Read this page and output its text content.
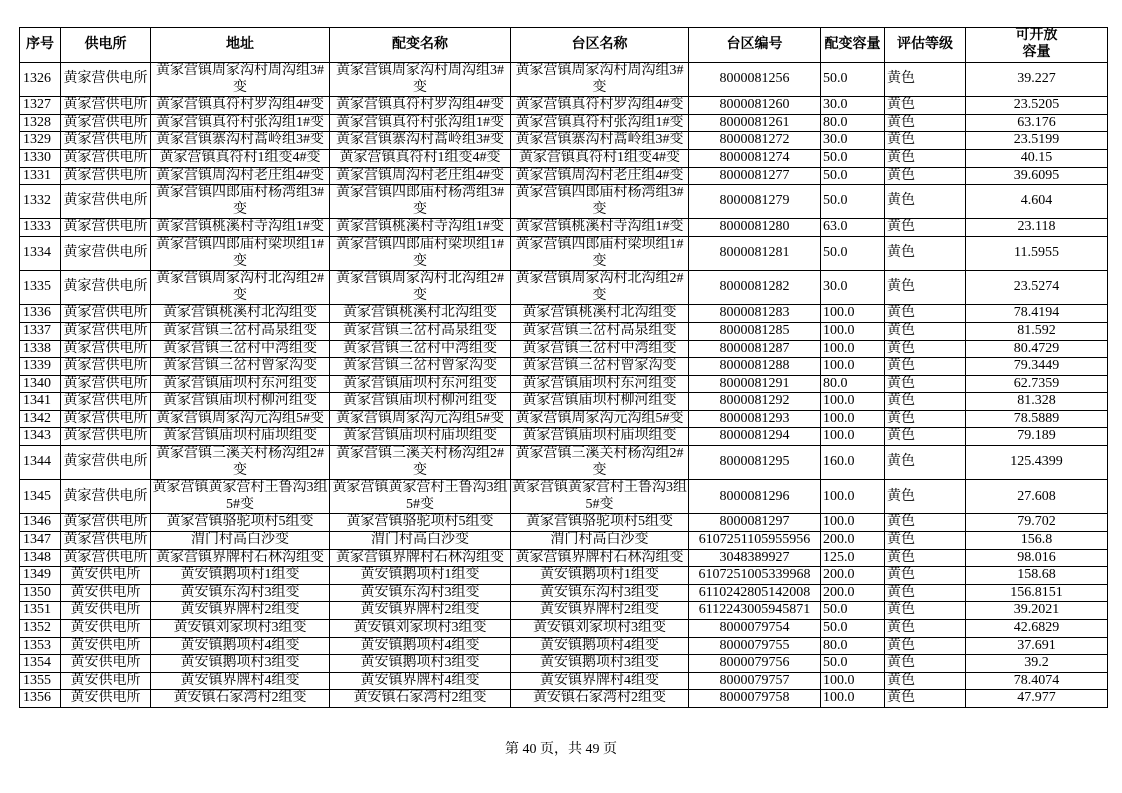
序号	供电所	地址	配变名称	台区名称	台区编号	配变容量	评估等级	可开放
容量
1326	黄家营供电所	黄家营镇周家沟村周沟组3#变	黄家营镇周家沟村周沟组3#变	黄家营镇周家沟村周沟组3#变	8000081256	50.0	黄色	39.227
1327	黄家营供电所	黄家营镇真符村罗沟组4#变	黄家营镇真符村罗沟组4#变	黄家营镇真符村罗沟组4#变	8000081260	30.0	黄色	23.5205
1328	黄家营供电所	黄家营镇真符村张沟组1#变	黄家营镇真符村张沟组1#变	黄家营镇真符村张沟组1#变	8000081261	80.0	黄色	63.176
1329	黄家营供电所	黄家营镇寨沟村蒿岭组3#变	黄家营镇寨沟村蒿岭组3#变	黄家营镇寨沟村蒿岭组3#变	8000081272	30.0	黄色	23.5199
1330	黄家营供电所	黄家营镇真符村1组变4#变	黄家营镇真符村1组变4#变	黄家营镇真符村1组变4#变	8000081274	50.0	黄色	40.15
1331	黄家营供电所	黄家营镇周沟村老庄组4#变	黄家营镇周沟村老庄组4#变	黄家营镇周沟村老庄组4#变	8000081277	50.0	黄色	39.6095
1332	黄家营供电所	黄家营镇四郎庙村杨湾组3#变	黄家营镇四郎庙村杨湾组3#变	黄家营镇四郎庙村杨湾组3#变	8000081279	50.0	黄色	4.604
1333	黄家营供电所	黄家营镇桃溪村寺沟组1#变	黄家营镇桃溪村寺沟组1#变	黄家营镇桃溪村寺沟组1#变	8000081280	63.0	黄色	23.118
1334	黄家营供电所	黄家营镇四郎庙村梁坝组1#变	黄家营镇四郎庙村梁坝组1#变	黄家营镇四郎庙村梁坝组1#变	8000081281	50.0	黄色	11.5955
1335	黄家营供电所	黄家营镇周家沟村北沟组2#变	黄家营镇周家沟村北沟组2#变	黄家营镇周家沟村北沟组2#变	8000081282	30.0	黄色	23.5274
1336	黄家营供电所	黄家营镇桃溪村北沟组变	黄家营镇桃溪村北沟组变	黄家营镇桃溪村北沟组变	8000081283	100.0	黄色	78.4194
1337	黄家营供电所	黄家营镇三岔村高泉组变	黄家营镇三岔村高泉组变	黄家营镇三岔村高泉组变	8000081285	100.0	黄色	81.592
1338	黄家营供电所	黄家营镇三岔村中湾组变	黄家营镇三岔村中湾组变	黄家营镇三岔村中湾组变	8000081287	100.0	黄色	80.4729
1339	黄家营供电所	黄家营镇三岔村曾家沟变	黄家营镇三岔村曾家沟变	黄家营镇三岔村曾家沟变	8000081288	100.0	黄色	79.3449
1340	黄家营供电所	黄家营镇庙坝村东河组变	黄家营镇庙坝村东河组变	黄家营镇庙坝村东河组变	8000081291	80.0	黄色	62.7359
1341	黄家营供电所	黄家营镇庙坝村柳河组变	黄家营镇庙坝村柳河组变	黄家营镇庙坝村柳河组变	8000081292	100.0	黄色	81.328
1342	黄家营供电所	黄家营镇周家沟元沟组5#变	黄家营镇周家沟元沟组5#变	黄家营镇周家沟元沟组5#变	8000081293	100.0	黄色	78.5889
1343	黄家营供电所	黄家营镇庙坝村庙坝组变	黄家营镇庙坝村庙坝组变	黄家营镇庙坝村庙坝组变	8000081294	100.0	黄色	79.189
1344	黄家营供电所	黄家营镇三溪关村杨沟组2#变	黄家营镇三溪关村杨沟组2#变	黄家营镇三溪关村杨沟组2#变	8000081295	160.0	黄色	125.4399
1345	黄家营供电所	黄家营镇黄家营村王鲁沟3组5#变	黄家营镇黄家营村王鲁沟3组5#变	黄家营镇黄家营村王鲁沟3组5#变	8000081296	100.0	黄色	27.608
1346	黄家营供电所	黄家营镇骆驼项村5组变	黄家营镇骆驼项村5组变	黄家营镇骆驼项村5组变	8000081297	100.0	黄色	79.702
1347	黄家营供电所	渭门村高白沙变	渭门村高白沙变	渭门村高白沙变	6107251105955956	200.0	黄色	156.8
1348	黄家营供电所	黄家营镇界牌村石林沟组变	黄家营镇界牌村石林沟组变	黄家营镇界牌村石林沟组变	3048389927	125.0	黄色	98.016
1349	黄安供电所	黄安镇鹅项村1组变	黄安镇鹅项村1组变	黄安镇鹅项村1组变	6107251005339968	200.0	黄色	158.68
1350	黄安供电所	黄安镇东沟村3组变	黄安镇东沟村3组变	黄安镇东沟村3组变	6110242805142008	200.0	黄色	156.8151
1351	黄安供电所	黄安镇界牌村2组变	黄安镇界牌村2组变	黄安镇界牌村2组变	6112243005945871	50.0	黄色	39.2021
1352	黄安供电所	黄安镇刘家坝村3组变	黄安镇刘家坝村3组变	黄安镇刘家坝村3组变	8000079754	50.0	黄色	42.6829
1353	黄安供电所	黄安镇鹅项村4组变	黄安镇鹅项村4组变	黄安镇鹅项村4组变	8000079755	80.0	黄色	37.691
1354	黄安供电所	黄安镇鹅项村3组变	黄安镇鹅项村3组变	黄安镇鹅项村3组变	8000079756	50.0	黄色	39.2
1355	黄安供电所	黄安镇界牌村4组变	黄安镇界牌村4组变	黄安镇界牌村4组变	8000079757	100.0	黄色	78.4074
1356	黄安供电所	黄安镇石家湾村2组变	黄安镇石家湾村2组变	黄安镇石家湾村2组变	8000079758	100.0	黄色	47.977
第 40 页，共 49 页
